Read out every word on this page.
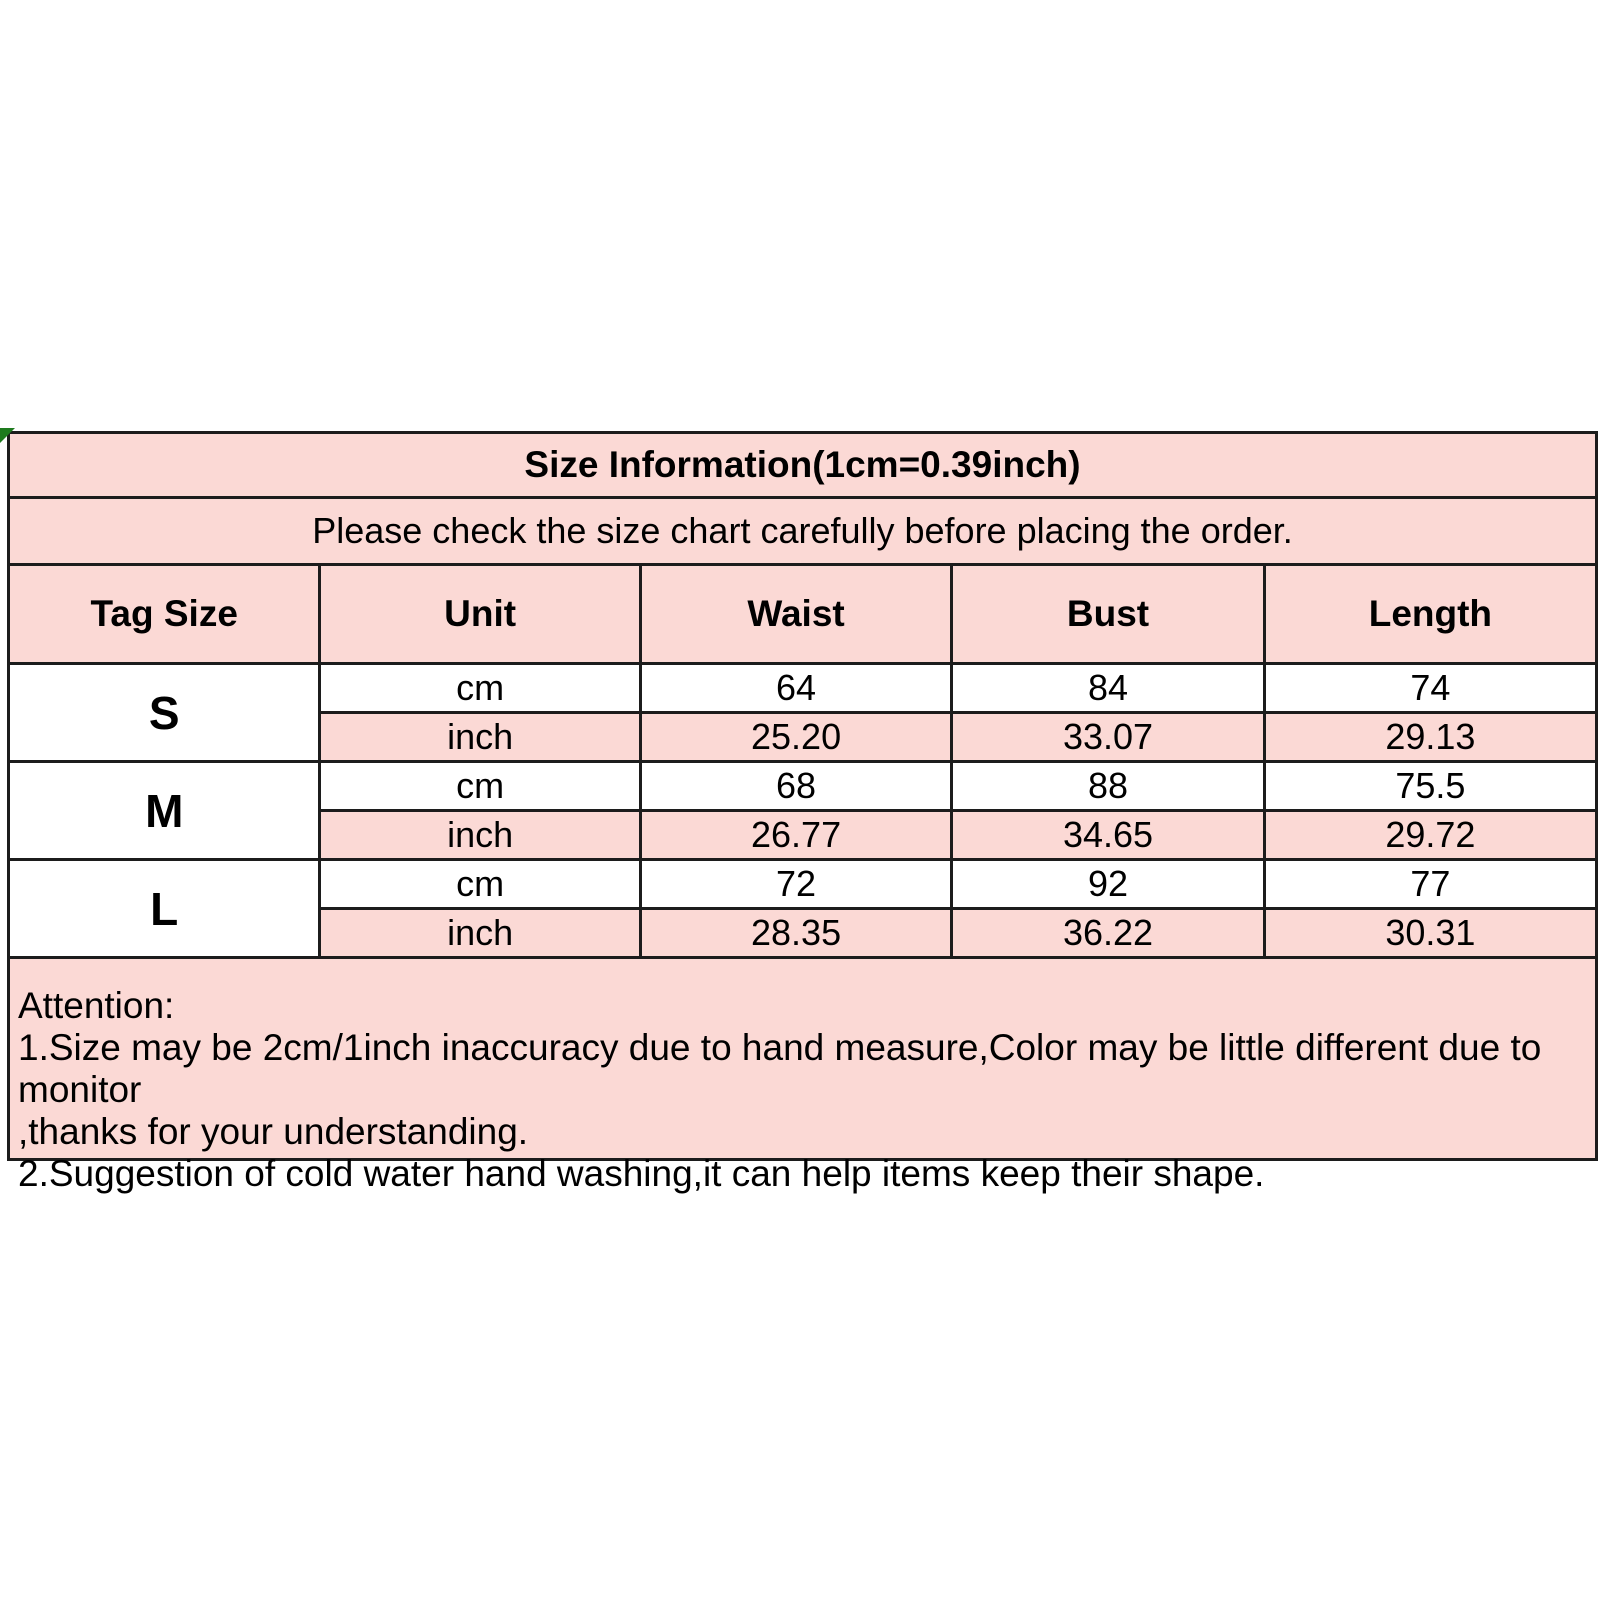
Size Information(1cm=0.39inch)
Please check the size chart carefully before placing the order.
Tag Size	Unit	Waist	Bust	Length
S	cm	64	84	74
inch	25.20	33.07	29.13
M	cm	68	88	75.5
inch	26.77	34.65	29.72
L	cm	72	92	77
inch	28.35	36.22	30.31
Attention:
1.Size may be 2cm/1inch inaccuracy due to hand measure,Color may be little different due to monitor
,thanks for your understanding.
2.Suggestion of cold water hand washing,it can help items keep their shape.
